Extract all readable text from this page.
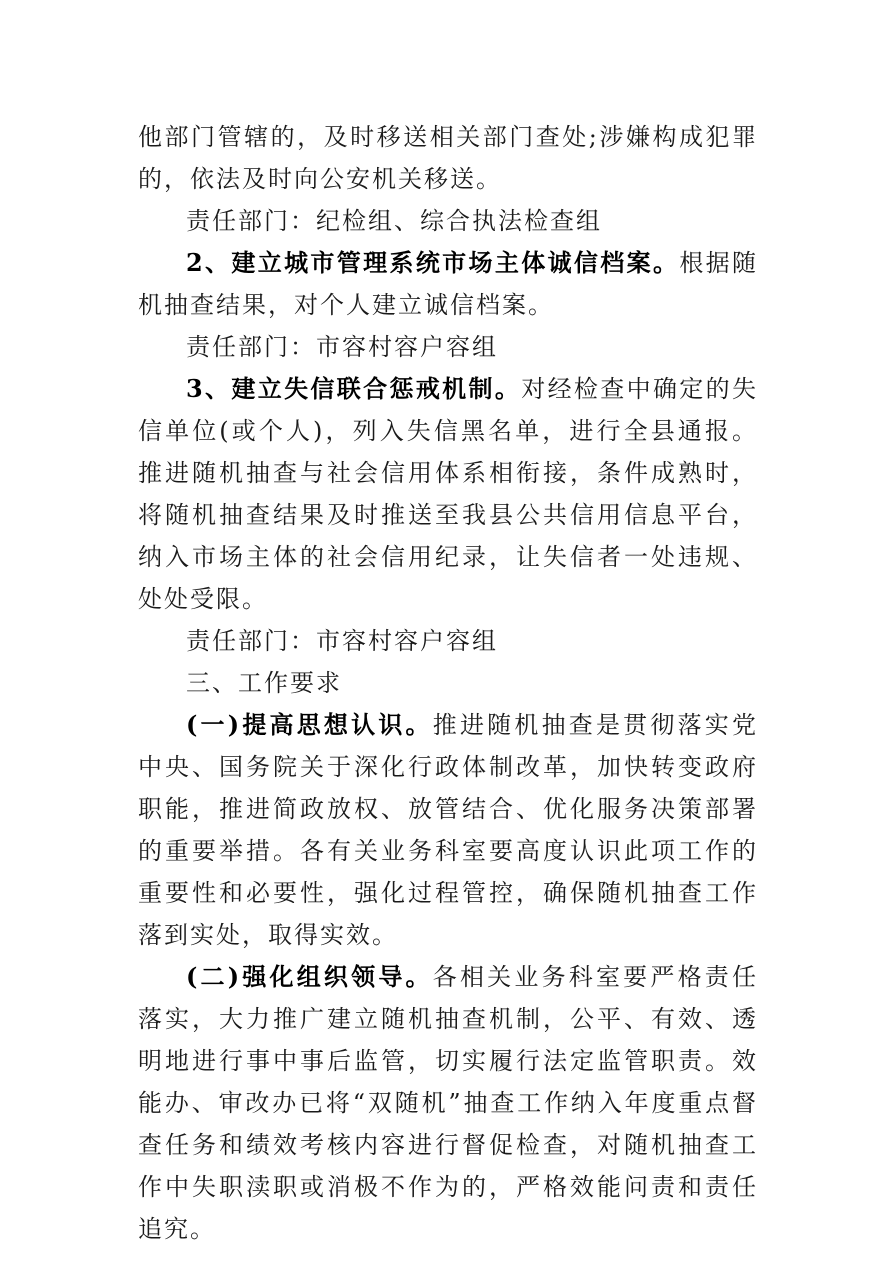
他部门管辖的，及时移送相关部门查处;涉嫌构成犯罪的，依法及时向公安机关移送。

责任部门：纪检组、综合执法检查组

2、建立城市管理系统市场主体诚信档案。根据随机抽查结果，对个人建立诚信档案。

责任部门：市容村容户容组

3、建立失信联合惩戒机制。对经检查中确定的失信单位(或个人)，列入失信黑名单，进行全县通报。推进随机抽查与社会信用体系相衔接，条件成熟时，将随机抽查结果及时推送至我县公共信用信息平台，纳入市场主体的社会信用纪录，让失信者一处违规、处处受限。

责任部门：市容村容户容组

三、工作要求

(一)提高思想认识。推进随机抽查是贯彻落实党中央、国务院关于深化行政体制改革，加快转变政府职能，推进简政放权、放管结合、优化服务决策部署的重要举措。各有关业务科室要高度认识此项工作的重要性和必要性，强化过程管控，确保随机抽查工作落到实处，取得实效。

(二)强化组织领导。各相关业务科室要严格责任落实，大力推广建立随机抽查机制，公平、有效、透明地进行事中事后监管，切实履行法定监管职责。效能办、审改办已将“双随机”抽查工作纳入年度重点督查任务和绩效考核内容进行督促检查，对随机抽查工作中失职渎职或消极不作为的，严格效能问责和责任追究。
